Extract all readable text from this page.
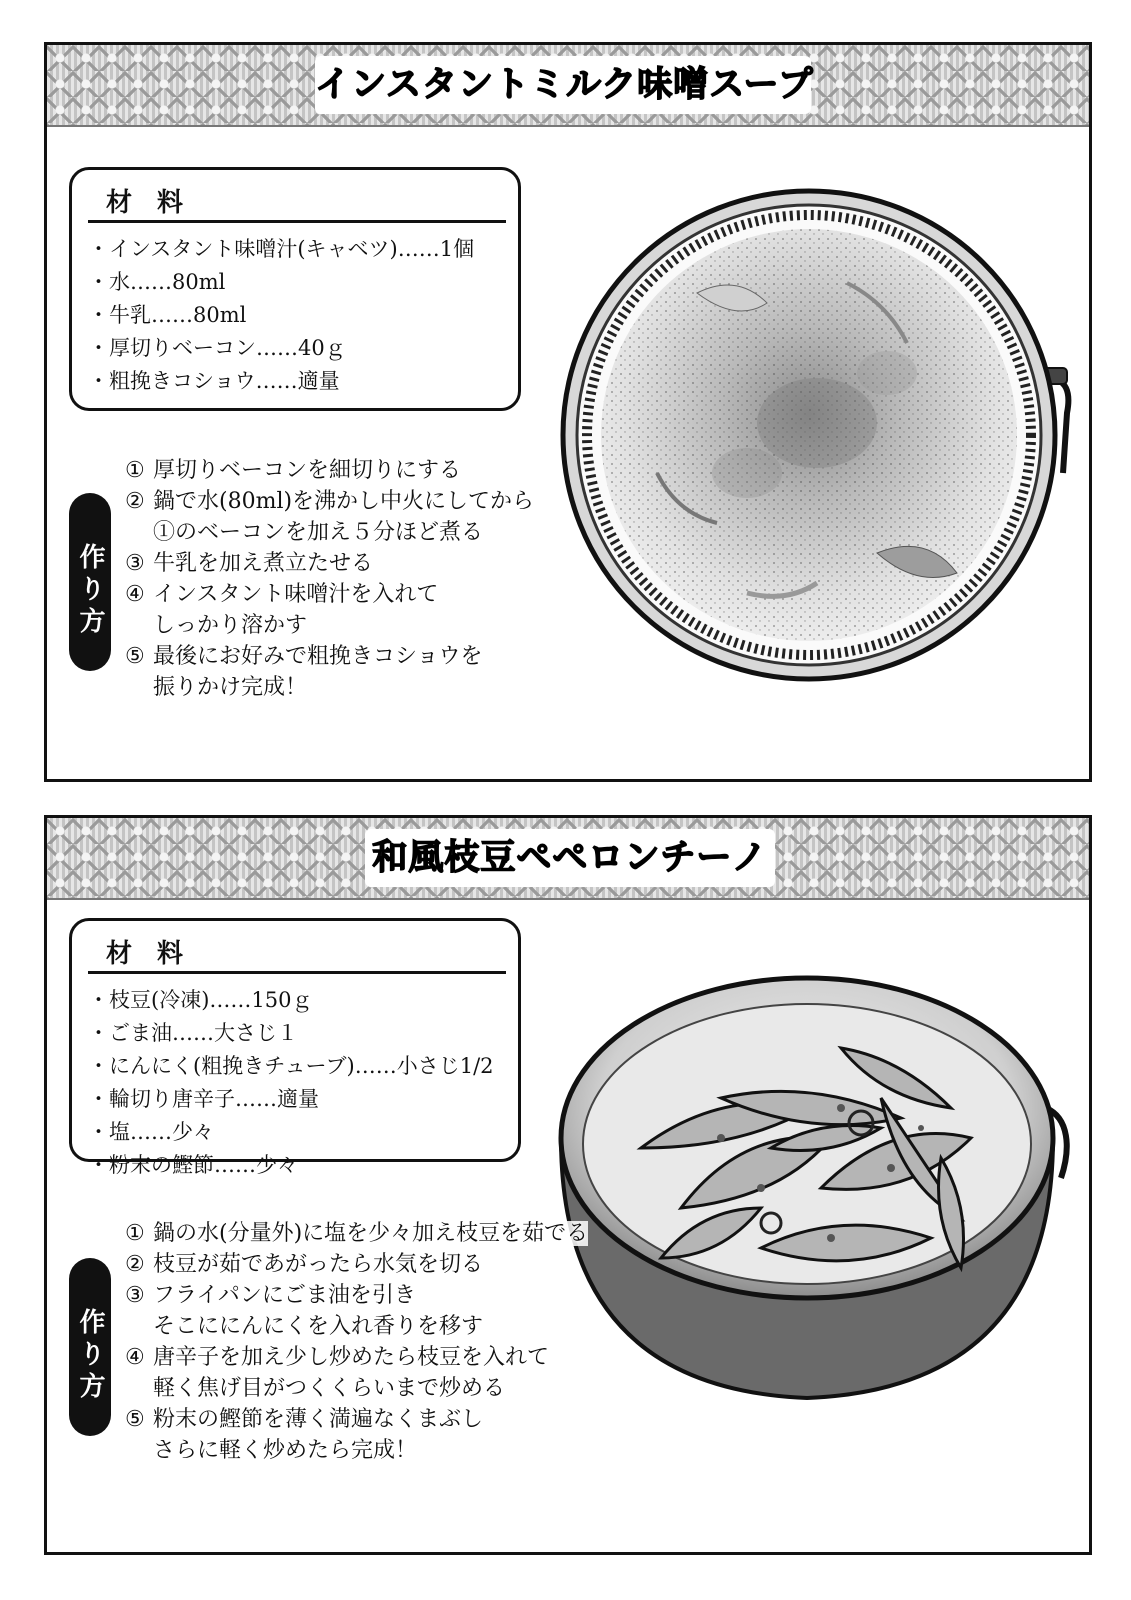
インスタントミルク味噌スープ
材 料
・インスタント味噌汁(キャベツ)……1個
・水……80ml
・牛乳……80ml
・厚切りベーコン……40ｇ
・粗挽きコショウ……適量
作り方
① 厚切りベーコンを細切りにする
② 鍋で水(80ml)を沸かし中火にしてから
①のベーコンを加え５分ほど煮る
③ 牛乳を加え煮立たせる
④ インスタント味噌汁を入れて
しっかり溶かす
⑤ 最後にお好みで粗挽きコショウを
振りかけ完成！
和風枝豆ペペロンチーノ
材 料
・枝豆(冷凍)……150ｇ
・ごま油……大さじ１
・にんにく(粗挽きチューブ)……小さじ1/2
・輪切り唐辛子……適量
・塩……少々
・粉末の鰹節……少々
作り方
① 鍋の水(分量外)に塩を少々加え枝豆を茹でる
② 枝豆が茹であがったら水気を切る
③ フライパンにごま油を引き
そこににんにくを入れ香りを移す
④ 唐辛子を加え少し炒めたら枝豆を入れて
軽く焦げ目がつくくらいまで炒める
⑤ 粉末の鰹節を薄く満遍なくまぶし
さらに軽く炒めたら完成！
